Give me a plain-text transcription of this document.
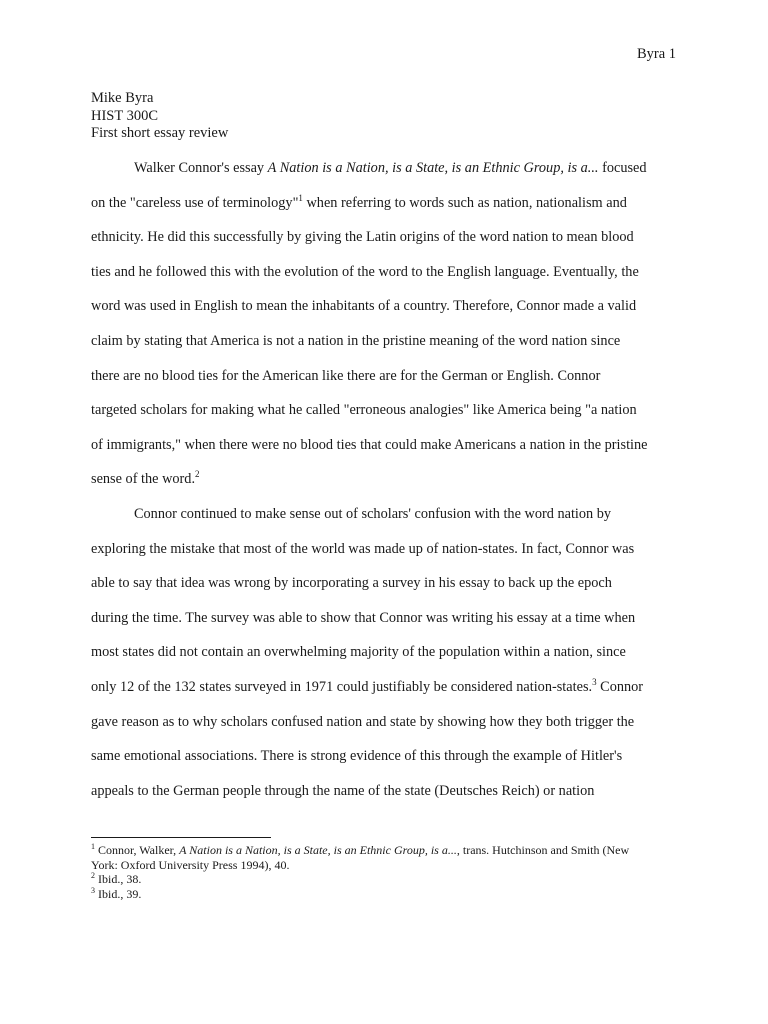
Byra 1
Mike Byra
HIST 300C
First short essay review
Walker Connor's essay A Nation is a Nation, is a State, is an Ethnic Group, is a... focused
on the "careless use of terminology"$^1$ when referring to words such as nation, nationalism and
ethnicity. He did this successfully by giving the Latin origins of the word nation to mean blood
ties and he followed this with the evolution of the word to the English language. Eventually, the
word was used in English to mean the inhabitants of a country. Therefore, Connor made a valid
claim by stating that America is not a nation in the pristine meaning of the word nation since
there are no blood ties for the American like there are for the German or English. Connor
targeted scholars for making what he called "erroneous analogies" like America being "a nation
of immigrants," when there were no blood ties that could make Americans a nation in the pristine
sense of the word.$^2$
Connor continued to make sense out of scholars' confusion with the word nation by
exploring the mistake that most of the world was made up of nation-states. In fact, Connor was
able to say that idea was wrong by incorporating a survey in his essay to back up the epoch
during the time. The survey was able to show that Connor was writing his essay at a time when
most states did not contain an overwhelming majority of the population within a nation, since
only 12 of the 132 states surveyed in 1971 could justifiably be considered nation-states.$^3$ Connor
gave reason as to why scholars confused nation and state by showing how they both trigger the
same emotional associations. There is strong evidence of this through the example of Hitler's
appeals to the German people through the name of the state (Deutsches Reich) or nation
$^1$ Connor, Walker, A Nation is a Nation, is a State, is an Ethnic Group, is a..., trans. Hutchinson and Smith (New
York: Oxford University Press 1994), 40.
$^2$ Ibid., 38.
$^3$ Ibid., 39.
